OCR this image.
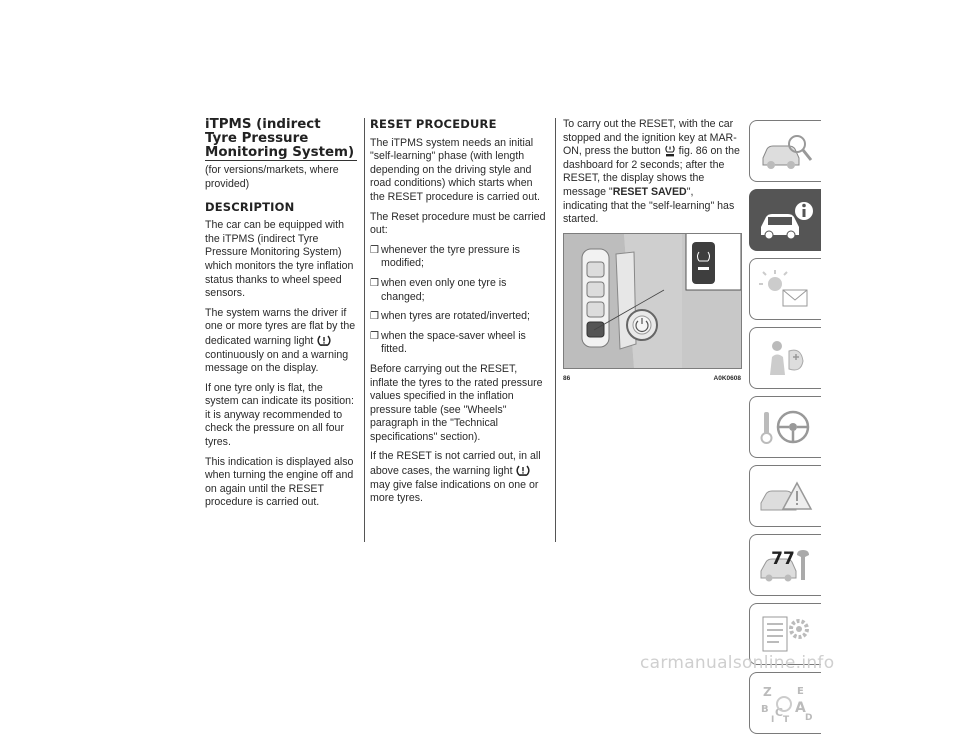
iTPMS (indirect Tyre Pressure Monitoring System)

(for versions/markets, where provided)

DESCRIPTION

The car can be equipped with the iTPMS (indirect Tyre Pressure Monitoring System) which monitors the tyre inflation status thanks to wheel speed sensors.

The system warns the driver if one or more tyres are flat by the dedicated warning light  continuously on and a warning message on the display.

If one tyre only is flat, the system can indicate its position: it is anyway recommended to check the pressure on all four tyres.

This indication is displayed also when turning the engine off and on again until the RESET procedure is carried out.

RESET PROCEDURE

The iTPMS system needs an initial "self-learning" phase (with length depending on the driving style and road conditions) which starts when the RESET procedure is carried out.

The Reset procedure must be carried out:

❒ whenever the tyre pressure is modified;
❒ when even only one tyre is changed;
❒ when tyres are rotated/inverted;
❒ when the space-saver wheel is fitted.

Before carrying out the RESET, inflate the tyres to the rated pressure values specified in the inflation pressure table (see "Wheels" paragraph in the "Technical specifications" section).

If the RESET is not carried out, in all above cases, the warning light  may give false indications on one or more tyres.

To carry out the RESET, with the car stopped and the ignition key at MAR-ON, press the button fig. 86 on the dashboard for 2 seconds; after the RESET, the display shows the message "RESET SAVED", indicating that the "self-learning" has started.

86	A0K0608
Z	E
B C A
D
T
I
77
carmanualsonline.info
